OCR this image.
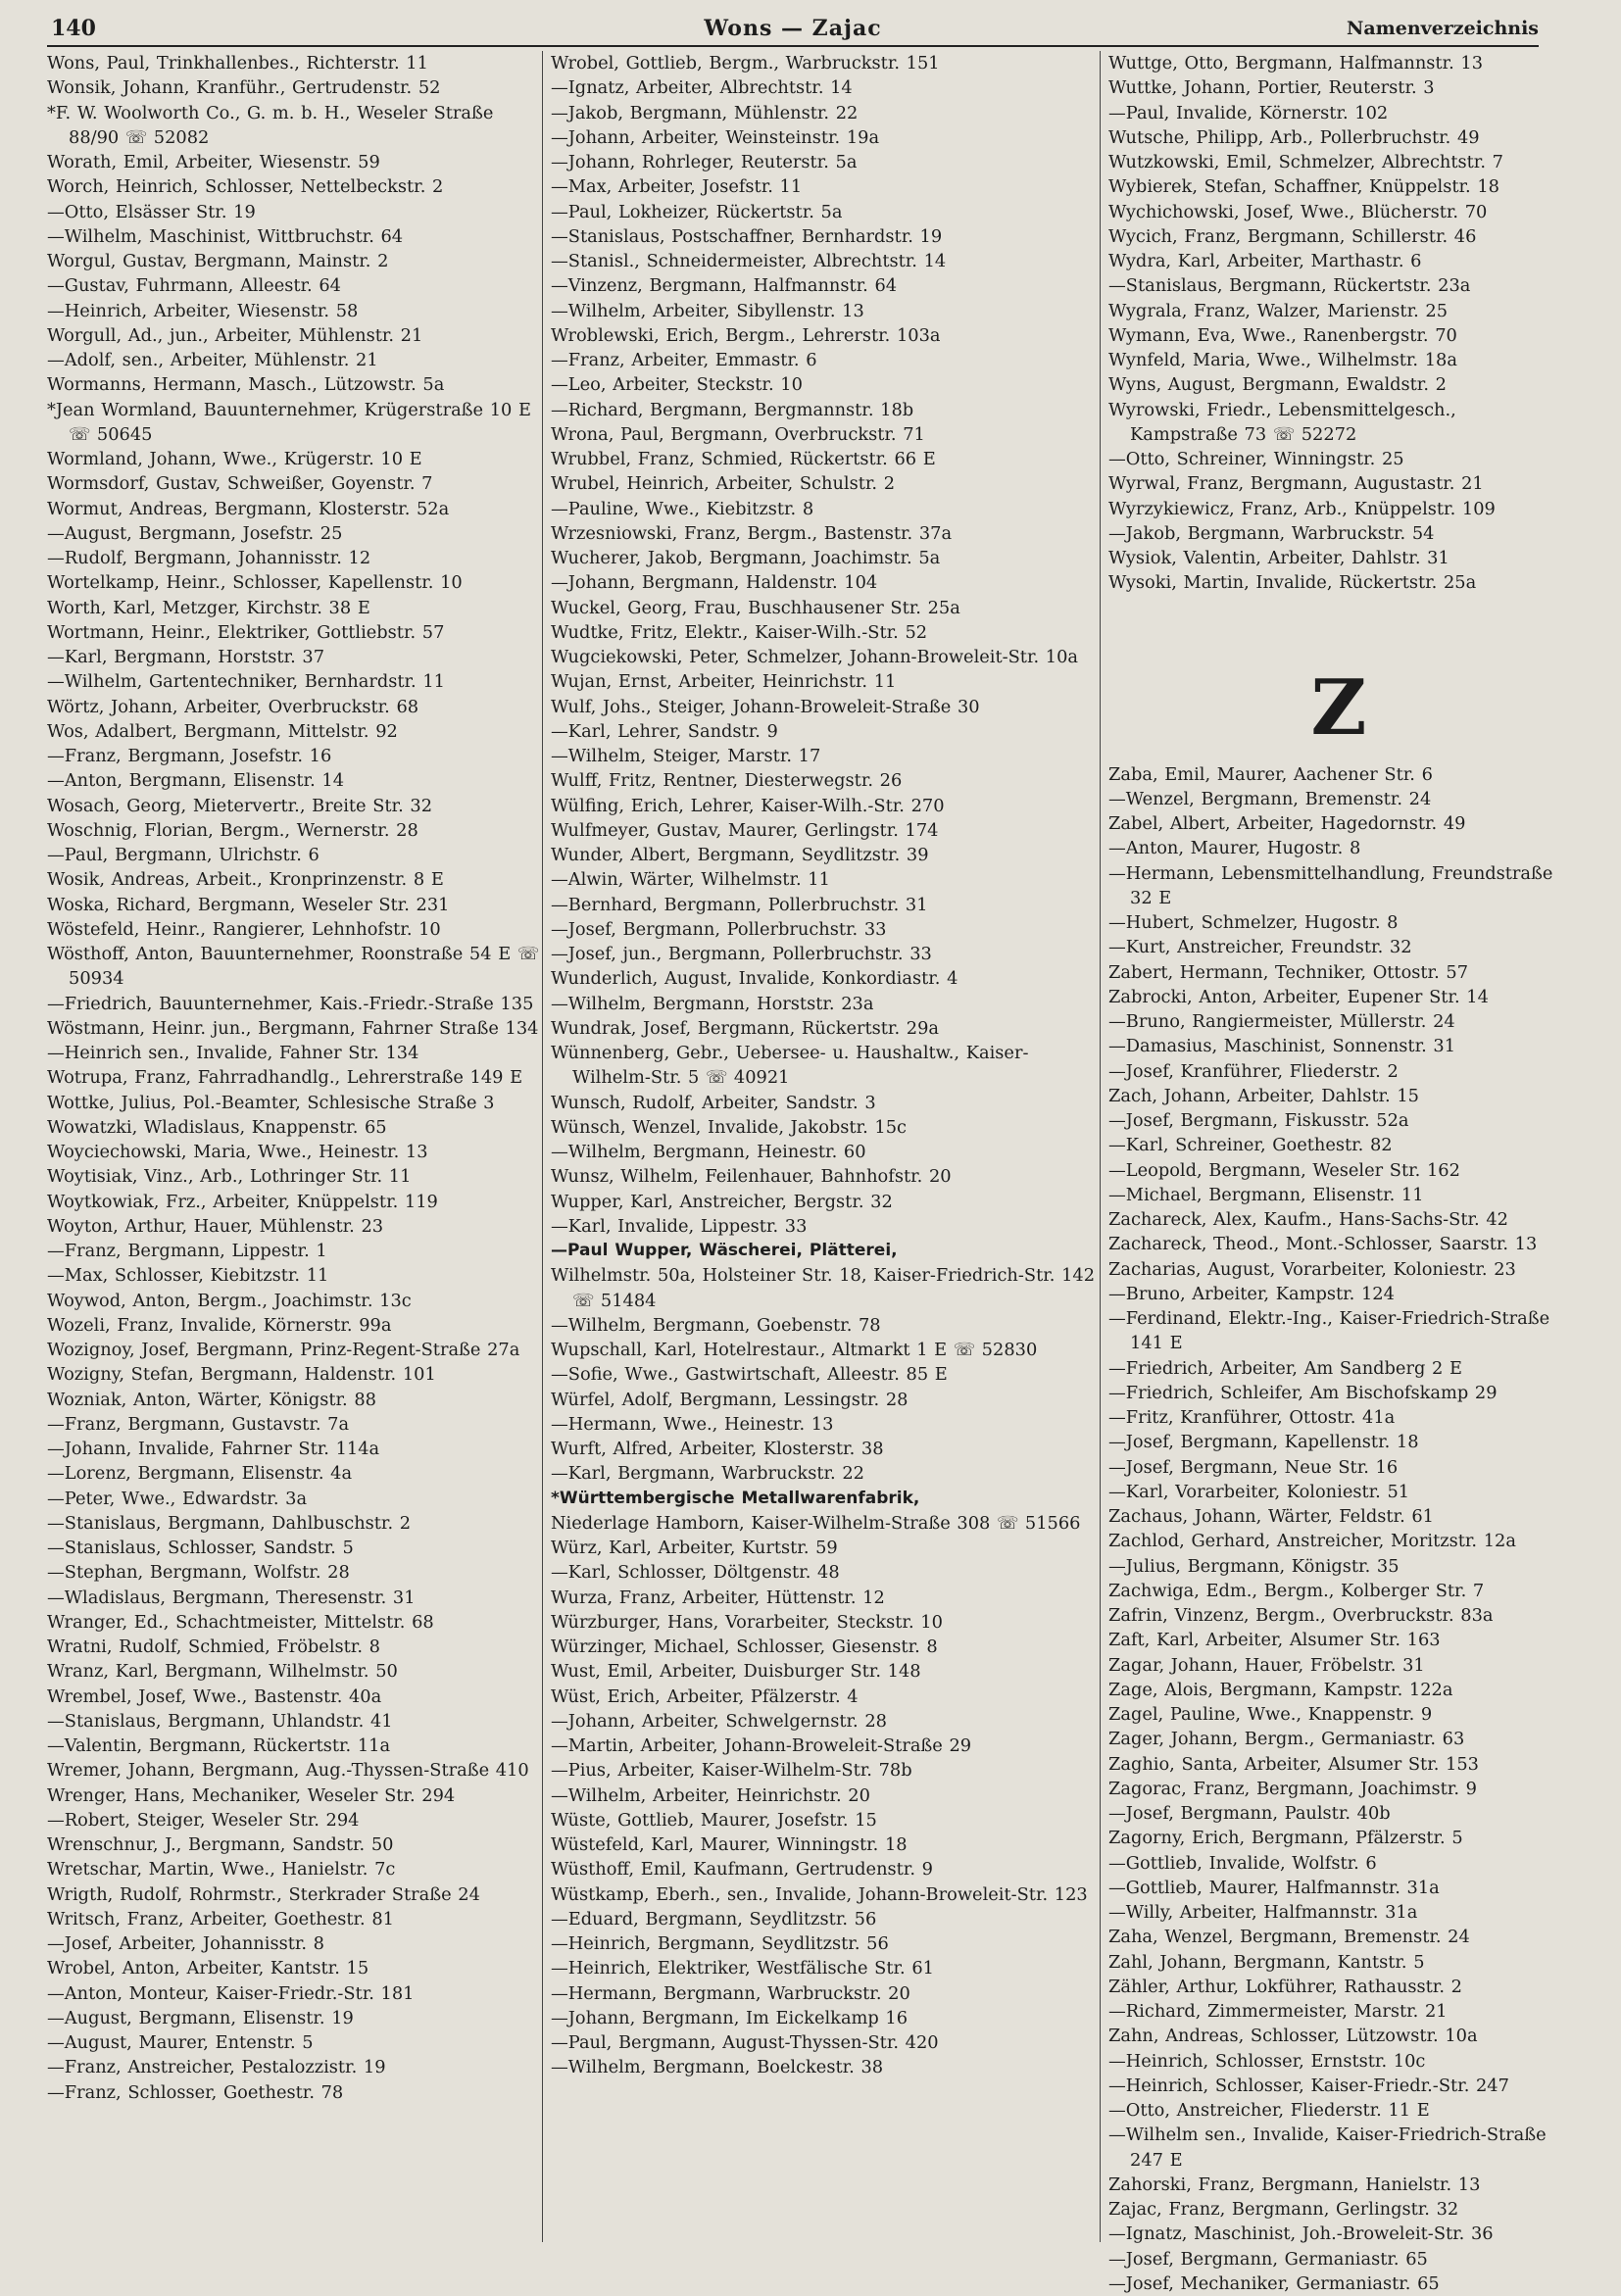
140	Wons — Zajac	Namenverzeichnis
Wons, Paul, Trinkhallenbes., Richterstr. 11
Wonsik, Johann, Kranführ., Gertrudenstr. 52
*F. W. Woolworth Co., G. m. b. H., Weseler Straße 88/90 ☏ 52082
Worath, Emil, Arbeiter, Wiesenstr. 59
Worch, Heinrich, Schlosser, Nettelbeckstr. 2
—Otto, Elsässer Str. 19
—Wilhelm, Maschinist, Wittbruchstr. 64
Worgul, Gustav, Bergmann, Mainstr. 2
—Gustav, Fuhrmann, Alleestr. 64
—Heinrich, Arbeiter, Wiesenstr. 58
Worgull, Ad., jun., Arbeiter, Mühlenstr. 21
—Adolf, sen., Arbeiter, Mühlenstr. 21
Wormanns, Hermann, Masch., Lützowstr. 5a
*Jean Wormland, Bauunternehmer, Krügerstraße 10 E ☏ 50645
Wormland, Johann, Wwe., Krügerstr. 10 E
Wormsdorf, Gustav, Schweißer, Goyenstr. 7
Wormut, Andreas, Bergmann, Klosterstr. 52a
—August, Bergmann, Josefstr. 25
—Rudolf, Bergmann, Johannisstr. 12
Wortelkamp, Heinr., Schlosser, Kapellenstr. 10
Worth, Karl, Metzger, Kirchstr. 38 E
Wortmann, Heinr., Elektriker, Gottliebstr. 57
—Karl, Bergmann, Horststr. 37
—Wilhelm, Gartentechniker, Bernhardstr. 11
Wörtz, Johann, Arbeiter, Overbruckstr. 68
Wos, Adalbert, Bergmann, Mittelstr. 92
—Franz, Bergmann, Josefstr. 16
—Anton, Bergmann, Elisenstr. 14
Wosach, Georg, Mietervertr., Breite Str. 32
Woschnig, Florian, Bergm., Wernerstr. 28
—Paul, Bergmann, Ulrichstr. 6
Wosik, Andreas, Arbeit., Kronprinzenstr. 8 E
Woska, Richard, Bergmann, Weseler Str. 231
Wöstefeld, Heinr., Rangierer, Lehnhofstr. 10
Wösthoff, Anton, Bauunternehmer, Roonstraße 54 E ☏ 50934
—Friedrich, Bauunternehmer, Kais.-Friedr.-Straße 135
Wöstmann, Heinr. jun., Bergmann, Fahrner Straße 134
—Heinrich sen., Invalide, Fahner Str. 134
Wotrupa, Franz, Fahrradhandlg., Lehrerstraße 149 E
Wottke, Julius, Pol.-Beamter, Schlesische Straße 3
Wowatzki, Wladislaus, Knappenstr. 65
Woyciechowski, Maria, Wwe., Heinestr. 13
Woytisiak, Vinz., Arb., Lothringer Str. 11
Woytkowiak, Frz., Arbeiter, Knüppelstr. 119
Woyton, Arthur, Hauer, Mühlenstr. 23
—Franz, Bergmann, Lippestr. 1
—Max, Schlosser, Kiebitzstr. 11
Woywod, Anton, Bergm., Joachimstr. 13c
Wozeli, Franz, Invalide, Körnerstr. 99a
Wozignoy, Josef, Bergmann, Prinz-Regent-Straße 27a
Wozigny, Stefan, Bergmann, Haldenstr. 101
Wozniak, Anton, Wärter, Königstr. 88
—Franz, Bergmann, Gustavstr. 7a
—Johann, Invalide, Fahrner Str. 114a
—Lorenz, Bergmann, Elisenstr. 4a
—Peter, Wwe., Edwardstr. 3a
—Stanislaus, Bergmann, Dahlbuschstr. 2
—Stanislaus, Schlosser, Sandstr. 5
—Stephan, Bergmann, Wolfstr. 28
—Wladislaus, Bergmann, Theresenstr. 31
Wranger, Ed., Schachtmeister, Mittelstr. 68
Wratni, Rudolf, Schmied, Fröbelstr. 8
Wranz, Karl, Bergmann, Wilhelmstr. 50
Wrembel, Josef, Wwe., Bastenstr. 40a
—Stanislaus, Bergmann, Uhlandstr. 41
—Valentin, Bergmann, Rückertstr. 11a
Wremer, Johann, Bergmann, Aug.-Thyssen-Straße 410
Wrenger, Hans, Mechaniker, Weseler Str. 294
—Robert, Steiger, Weseler Str. 294
Wrenschnur, J., Bergmann, Sandstr. 50
Wretschar, Martin, Wwe., Hanielstr. 7c
Wrigth, Rudolf, Rohrmstr., Sterkrader Straße 24
Writsch, Franz, Arbeiter, Goethestr. 81
—Josef, Arbeiter, Johannisstr. 8
Wrobel, Anton, Arbeiter, Kantstr. 15
—Anton, Monteur, Kaiser-Friedr.-Str. 181
—August, Bergmann, Elisenstr. 19
—August, Maurer, Entenstr. 5
—Franz, Anstreicher, Pestalozzistr. 19
—Franz, Schlosser, Goethestr. 78
Wrobel, Gottlieb, Bergm., Warbruckstr. 151
—Ignatz, Arbeiter, Albrechtstr. 14
—Jakob, Bergmann, Mühlenstr. 22
—Johann, Arbeiter, Weinsteinstr. 19a
—Johann, Rohrleger, Reuterstr. 5a
—Max, Arbeiter, Josefstr. 11
—Paul, Lokheizer, Rückertstr. 5a
—Stanislaus, Postschaffner, Bernhardstr. 19
—Stanisl., Schneidermeister, Albrechtstr. 14
—Vinzenz, Bergmann, Halfmannstr. 64
—Wilhelm, Arbeiter, Sibyllenstr. 13
Wroblewski, Erich, Bergm., Lehrerstr. 103a
—Franz, Arbeiter, Emmastr. 6
—Leo, Arbeiter, Steckstr. 10
—Richard, Bergmann, Bergmannstr. 18b
Wrona, Paul, Bergmann, Overbruckstr. 71
Wrubbel, Franz, Schmied, Rückertstr. 66 E
Wrubel, Heinrich, Arbeiter, Schulstr. 2
—Pauline, Wwe., Kiebitzstr. 8
Wrzesniowski, Franz, Bergm., Bastenstr. 37a
Wucherer, Jakob, Bergmann, Joachimstr. 5a
—Johann, Bergmann, Haldenstr. 104
Wuckel, Georg, Frau, Buschhausener Str. 25a
Wudtke, Fritz, Elektr., Kaiser-Wilh.-Str. 52
Wugciekowski, Peter, Schmelzer, Johann-Broweleit-Str. 10a
Wujan, Ernst, Arbeiter, Heinrichstr. 11
Wulf, Johs., Steiger, Johann-Broweleit-Straße 30
—Karl, Lehrer, Sandstr. 9
—Wilhelm, Steiger, Marstr. 17
Wulff, Fritz, Rentner, Diesterwegstr. 26
Wülfing, Erich, Lehrer, Kaiser-Wilh.-Str. 270
Wulfmeyer, Gustav, Maurer, Gerlingstr. 174
Wunder, Albert, Bergmann, Seydlitzstr. 39
—Alwin, Wärter, Wilhelmstr. 11
—Bernhard, Bergmann, Pollerbruchstr. 31
—Josef, Bergmann, Pollerbruchstr. 33
—Josef, jun., Bergmann, Pollerbruchstr. 33
Wunderlich, August, Invalide, Konkordiastr. 4
—Wilhelm, Bergmann, Horststr. 23a
Wundrak, Josef, Bergmann, Rückertstr. 29a
Wünnenberg, Gebr., Uebersee- u. Haushaltw., Kaiser-Wilhelm-Str. 5 ☏ 40921
Wunsch, Rudolf, Arbeiter, Sandstr. 3
Wünsch, Wenzel, Invalide, Jakobstr. 15c
—Wilhelm, Bergmann, Heinestr. 60
Wunsz, Wilhelm, Feilenhauer, Bahnhofstr. 20
Wupper, Karl, Anstreicher, Bergstr. 32
—Karl, Invalide, Lippestr. 33
—Paul Wupper, Wäscherei, Plätterei,
Wilhelmstr. 50a, Holsteiner Str. 18, Kaiser-Friedrich-Str. 142 ☏ 51484
—Wilhelm, Bergmann, Goebenstr. 78
Wupschall, Karl, Hotelrestaur., Altmarkt 1 E ☏ 52830
—Sofie, Wwe., Gastwirtschaft, Alleestr. 85 E
Würfel, Adolf, Bergmann, Lessingstr. 28
—Hermann, Wwe., Heinestr. 13
Wurft, Alfred, Arbeiter, Klosterstr. 38
—Karl, Bergmann, Warbruckstr. 22
*Württembergische Metallwarenfabrik,
Niederlage Hamborn, Kaiser-Wilhelm-Straße 308 ☏ 51566
Würz, Karl, Arbeiter, Kurtstr. 59
—Karl, Schlosser, Döltgenstr. 48
Wurza, Franz, Arbeiter, Hüttenstr. 12
Würzburger, Hans, Vorarbeiter, Steckstr. 10
Würzinger, Michael, Schlosser, Giesenstr. 8
Wust, Emil, Arbeiter, Duisburger Str. 148
Wüst, Erich, Arbeiter, Pfälzerstr. 4
—Johann, Arbeiter, Schwelgernstr. 28
—Martin, Arbeiter, Johann-Broweleit-Straße 29
—Pius, Arbeiter, Kaiser-Wilhelm-Str. 78b
—Wilhelm, Arbeiter, Heinrichstr. 20
Wüste, Gottlieb, Maurer, Josefstr. 15
Wüstefeld, Karl, Maurer, Winningstr. 18
Wüsthoff, Emil, Kaufmann, Gertrudenstr. 9
Wüstkamp, Eberh., sen., Invalide, Johann-Broweleit-Str. 123
—Eduard, Bergmann, Seydlitzstr. 56
—Heinrich, Bergmann, Seydlitzstr. 56
—Heinrich, Elektriker, Westfälische Str. 61
—Hermann, Bergmann, Warbruckstr. 20
—Johann, Bergmann, Im Eickelkamp 16
—Paul, Bergmann, August-Thyssen-Str. 420
—Wilhelm, Bergmann, Boelckestr. 38
Wuttge, Otto, Bergmann, Halfmannstr. 13
Wuttke, Johann, Portier, Reuterstr. 3
—Paul, Invalide, Körnerstr. 102
Wutsche, Philipp, Arb., Pollerbruchstr. 49
Wutzkowski, Emil, Schmelzer, Albrechtstr. 7
Wybierek, Stefan, Schaffner, Knüppelstr. 18
Wychichowski, Josef, Wwe., Blücherstr. 70
Wycich, Franz, Bergmann, Schillerstr. 46
Wydra, Karl, Arbeiter, Marthastr. 6
—Stanislaus, Bergmann, Rückertstr. 23a
Wygrala, Franz, Walzer, Marienstr. 25
Wymann, Eva, Wwe., Ranenbergstr. 70
Wynfeld, Maria, Wwe., Wilhelmstr. 18a
Wyns, August, Bergmann, Ewaldstr. 2
Wyrowski, Friedr., Lebensmittelgesch., Kampstraße 73 ☏ 52272
—Otto, Schreiner, Winningstr. 25
Wyrwal, Franz, Bergmann, Augustastr. 21
Wyrzykiewicz, Franz, Arb., Knüppelstr. 109
—Jakob, Bergmann, Warbruckstr. 54
Wysiok, Valentin, Arbeiter, Dahlstr. 31
Wysoki, Martin, Invalide, Rückertstr. 25a
Z
Zaba, Emil, Maurer, Aachener Str. 6
—Wenzel, Bergmann, Bremenstr. 24
Zabel, Albert, Arbeiter, Hagedornstr. 49
—Anton, Maurer, Hugostr. 8
—Hermann, Lebensmittelhandlung, Freundstraße 32 E
—Hubert, Schmelzer, Hugostr. 8
—Kurt, Anstreicher, Freundstr. 32
Zabert, Hermann, Techniker, Ottostr. 57
Zabrocki, Anton, Arbeiter, Eupener Str. 14
—Bruno, Rangiermeister, Müllerstr. 24
—Damasius, Maschinist, Sonnenstr. 31
—Josef, Kranführer, Fliederstr. 2
Zach, Johann, Arbeiter, Dahlstr. 15
—Josef, Bergmann, Fiskusstr. 52a
—Karl, Schreiner, Goethestr. 82
—Leopold, Bergmann, Weseler Str. 162
—Michael, Bergmann, Elisenstr. 11
Zachareck, Alex, Kaufm., Hans-Sachs-Str. 42
Zachareck, Theod., Mont.-Schlosser, Saarstr. 13
Zacharias, August, Vorarbeiter, Koloniestr. 23
—Bruno, Arbeiter, Kampstr. 124
—Ferdinand, Elektr.-Ing., Kaiser-Friedrich-Straße 141 E
—Friedrich, Arbeiter, Am Sandberg 2 E
—Friedrich, Schleifer, Am Bischofskamp 29
—Fritz, Kranführer, Ottostr. 41a
—Josef, Bergmann, Kapellenstr. 18
—Josef, Bergmann, Neue Str. 16
—Karl, Vorarbeiter, Koloniestr. 51
Zachaus, Johann, Wärter, Feldstr. 61
Zachlod, Gerhard, Anstreicher, Moritzstr. 12a
—Julius, Bergmann, Königstr. 35
Zachwiga, Edm., Bergm., Kolberger Str. 7
Zafrin, Vinzenz, Bergm., Overbruckstr. 83a
Zaft, Karl, Arbeiter, Alsumer Str. 163
Zagar, Johann, Hauer, Fröbelstr. 31
Zage, Alois, Bergmann, Kampstr. 122a
Zagel, Pauline, Wwe., Knappenstr. 9
Zager, Johann, Bergm., Germaniastr. 63
Zaghio, Santa, Arbeiter, Alsumer Str. 153
Zagorac, Franz, Bergmann, Joachimstr. 9
—Josef, Bergmann, Paulstr. 40b
Zagorny, Erich, Bergmann, Pfälzerstr. 5
—Gottlieb, Invalide, Wolfstr. 6
—Gottlieb, Maurer, Halfmannstr. 31a
—Willy, Arbeiter, Halfmannstr. 31a
Zaha, Wenzel, Bergmann, Bremenstr. 24
Zahl, Johann, Bergmann, Kantstr. 5
Zähler, Arthur, Lokführer, Rathausstr. 2
—Richard, Zimmermeister, Marstr. 21
Zahn, Andreas, Schlosser, Lützowstr. 10a
—Heinrich, Schlosser, Ernststr. 10c
—Heinrich, Schlosser, Kaiser-Friedr.-Str. 247
—Otto, Anstreicher, Fliederstr. 11 E
—Wilhelm sen., Invalide, Kaiser-Friedrich-Straße 247 E
Zahorski, Franz, Bergmann, Hanielstr. 13
Zajac, Franz, Bergmann, Gerlingstr. 32
—Ignatz, Maschinist, Joh.-Broweleit-Str. 36
—Josef, Bergmann, Germaniastr. 65
—Josef, Mechaniker, Germaniastr. 65
